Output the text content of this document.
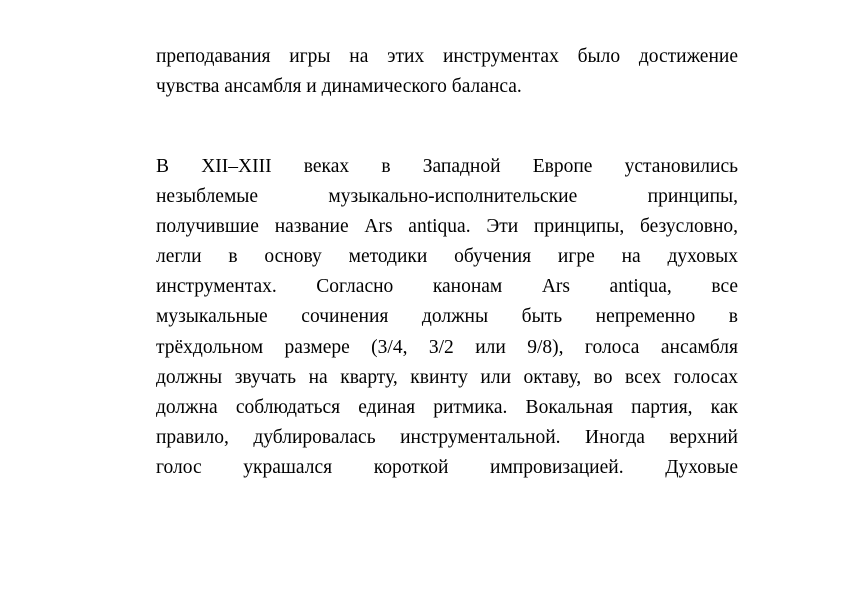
преподавания игры на этих инструментах было достижение
чувства ансамбля и динамического баланса.
В XII–XIII веках в Западной Европе установились
незыблемые музыкально-исполнительские принципы,
получившие название Ars antiqua. Эти принципы, безусловно,
легли в основу методики обучения игре на духовых
инструментах. Согласно канонам Ars antiqua, все
музыкальные сочинения должны быть непременно в
трёхдольном размере (3/4, 3/2 или 9/8), голоса ансамбля
должны звучать на кварту, квинту или октаву, во всех голосах
должна соблюдаться единая ритмика. Вокальная партия, как
правило, дублировалась инструментальной. Иногда верхний
голос украшался короткой импровизацией. Духовые
